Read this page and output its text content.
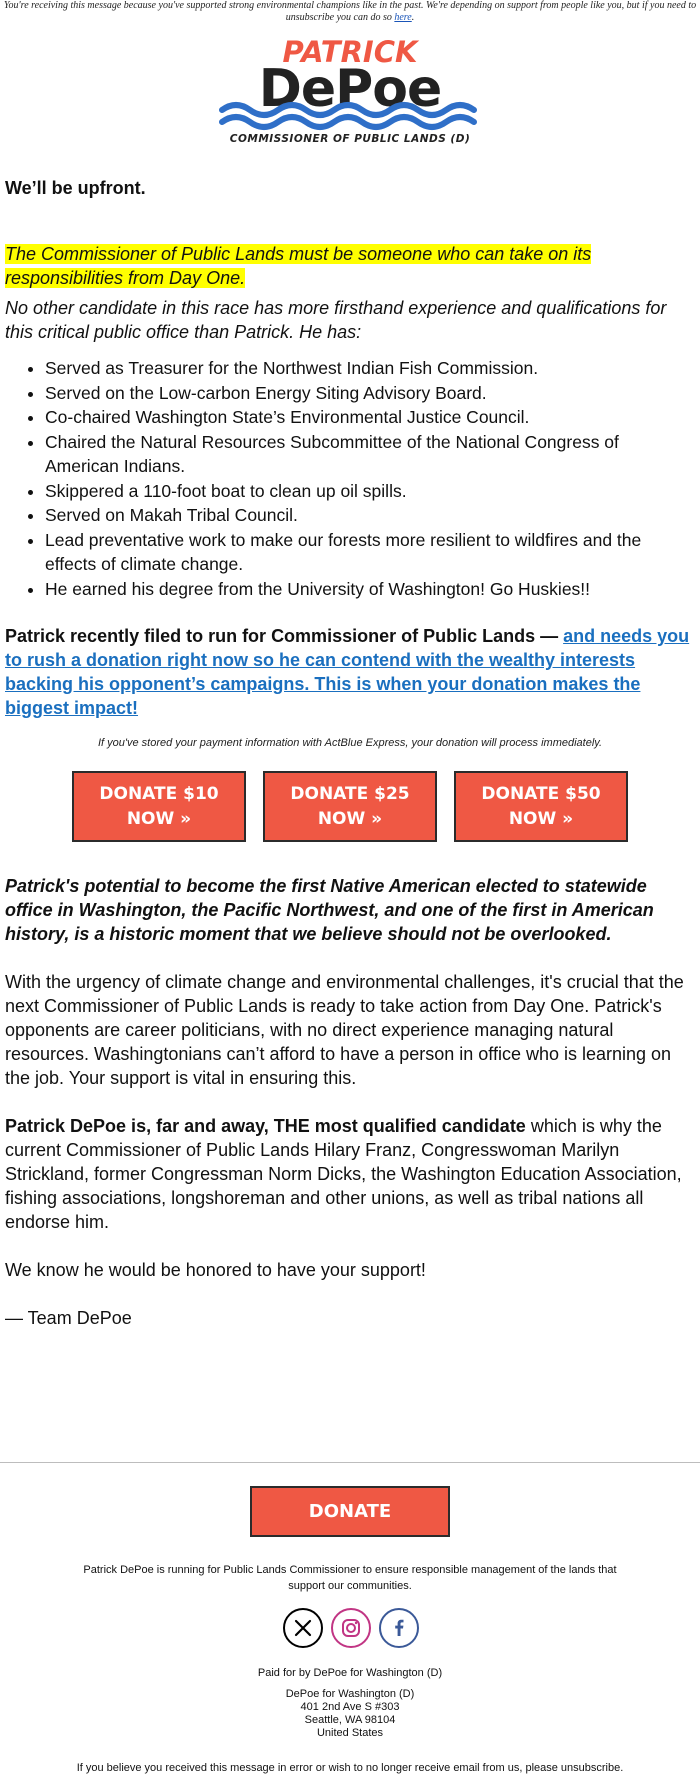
You're receiving this message because you've supported strong environmental champions like in the past. We're depending on support from people like you, but if you need to unsubscribe you can do so here.
PATRICK
DePoe
COMMISSIONER OF PUBLIC LANDS (D)

We’ll be upfront.

The Commissioner of Public Lands must be someone who can take on its responsibilities from Day One.

No other candidate in this race has more firsthand experience and qualifications for this critical public office than Patrick. He has:

• Served as Treasurer for the Northwest Indian Fish Commission.
• Served on the Low-carbon Energy Siting Advisory Board.
• Co-chaired Washington State’s Environmental Justice Council.
• Chaired the Natural Resources Subcommittee of the National Congress of American Indians.
• Skippered a 110-foot boat to clean up oil spills.
• Served on Makah Tribal Council.
• Lead preventative work to make our forests more resilient to wildfires and the effects of climate change.
• He earned his degree from the University of Washington! Go Huskies!!

Patrick recently filed to run for Commissioner of Public Lands — and needs you to rush a donation right now so he can contend with the wealthy interests backing his opponent’s campaigns. This is when your donation makes the biggest impact!

If you've stored your payment information with ActBlue Express, your donation will process immediately.
DONATE $10
NOW »
DONATE $25
NOW »
DONATE $50
NOW »

Patrick's potential to become the first Native American elected to statewide office in Washington, the Pacific Northwest, and one of the first in American history, is a historic moment that we believe should not be overlooked.

With the urgency of climate change and environmental challenges, it's crucial that the next Commissioner of Public Lands is ready to take action from Day One. Patrick's opponents are career politicians, with no direct experience managing natural resources. Washingtonians can’t afford to have a person in office who is learning on the job. Your support is vital in ensuring this.

Patrick DePoe is, far and away, THE most qualified candidate which is why the current Commissioner of Public Lands Hilary Franz, Congresswoman Marilyn Strickland, former Congressman Norm Dicks, the Washington Education Association, fishing associations, longshoreman and other unions, as well as tribal nations all endorse him.

We know he would be honored to have your support!

— Team DePoe

DONATE
Patrick DePoe is running for Public Lands Commissioner to ensure responsible management of the lands that support our communities.
Paid for by DePoe for Washington (D)
DePoe for Washington (D)
401 2nd Ave S #303
Seattle, WA 98104
United States
If you believe you received this message in error or wish to no longer receive email from us, please unsubscribe.
